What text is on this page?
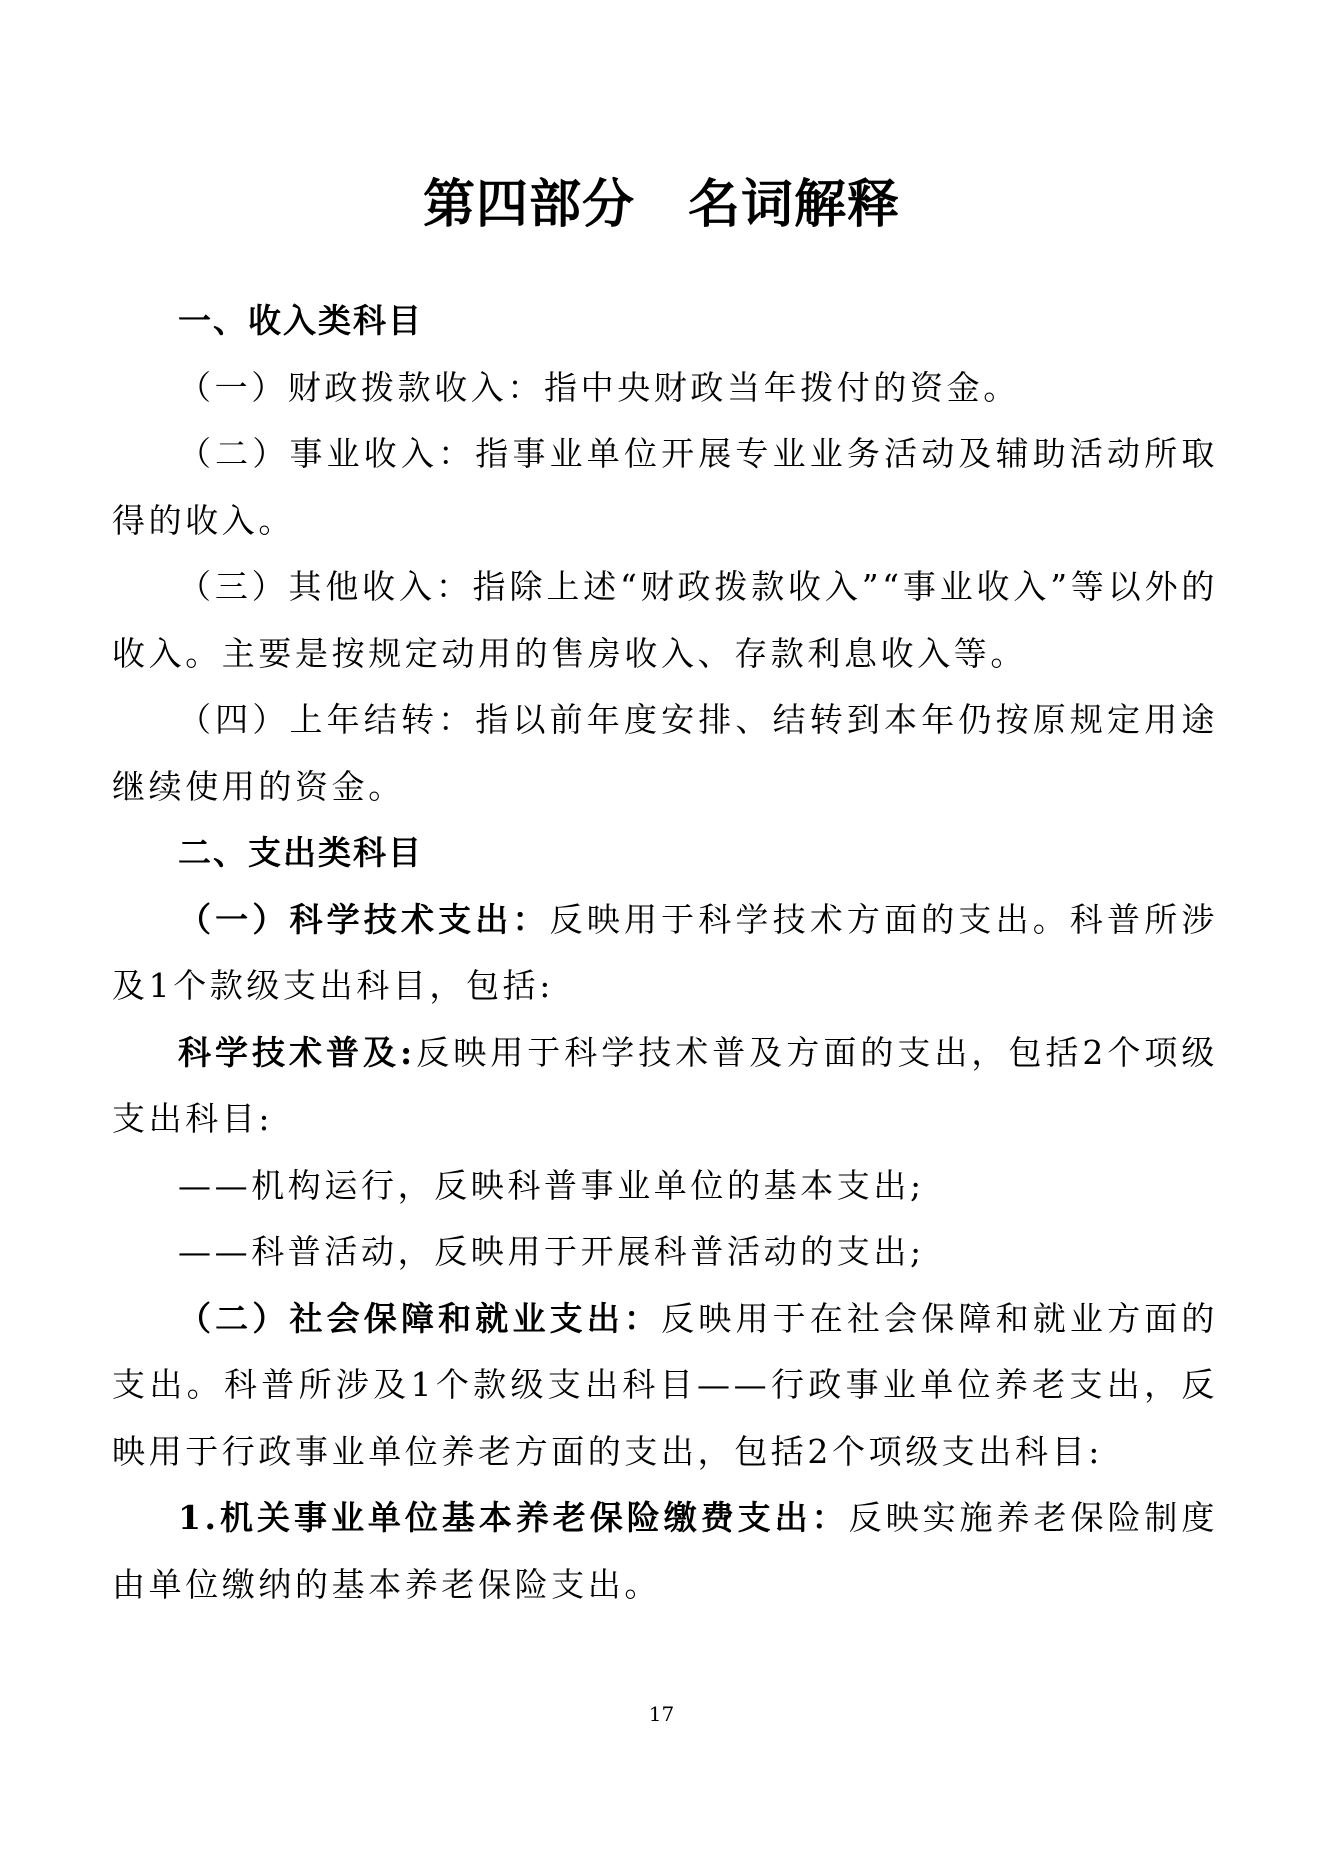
第四部分　名词解释

一、收入类科目

（一）财政拨款收入：指中央财政当年拨付的资金。

（二）事业收入：指事业单位开展专业业务活动及辅助活动所取得的收入。

（三）其他收入：指除上述“财政拨款收入”“事业收入”等以外的收入。主要是按规定动用的售房收入、存款利息收入等。

（四）上年结转：指以前年度安排、结转到本年仍按原规定用途继续使用的资金。

二、支出类科目

（一）科学技术支出：反映用于科学技术方面的支出。科普所涉及1个款级支出科目，包括:

科学技术普及:反映用于科学技术普及方面的支出，包括2个项级支出科目:

——机构运行，反映科普事业单位的基本支出;

——科普活动，反映用于开展科普活动的支出;

（二）社会保障和就业支出：反映用于在社会保障和就业方面的支出。科普所涉及1个款级支出科目——行政事业单位养老支出，反映用于行政事业单位养老方面的支出，包括2个项级支出科目:

1.机关事业单位基本养老保险缴费支出：反映实施养老保险制度由单位缴纳的基本养老保险支出。

17
